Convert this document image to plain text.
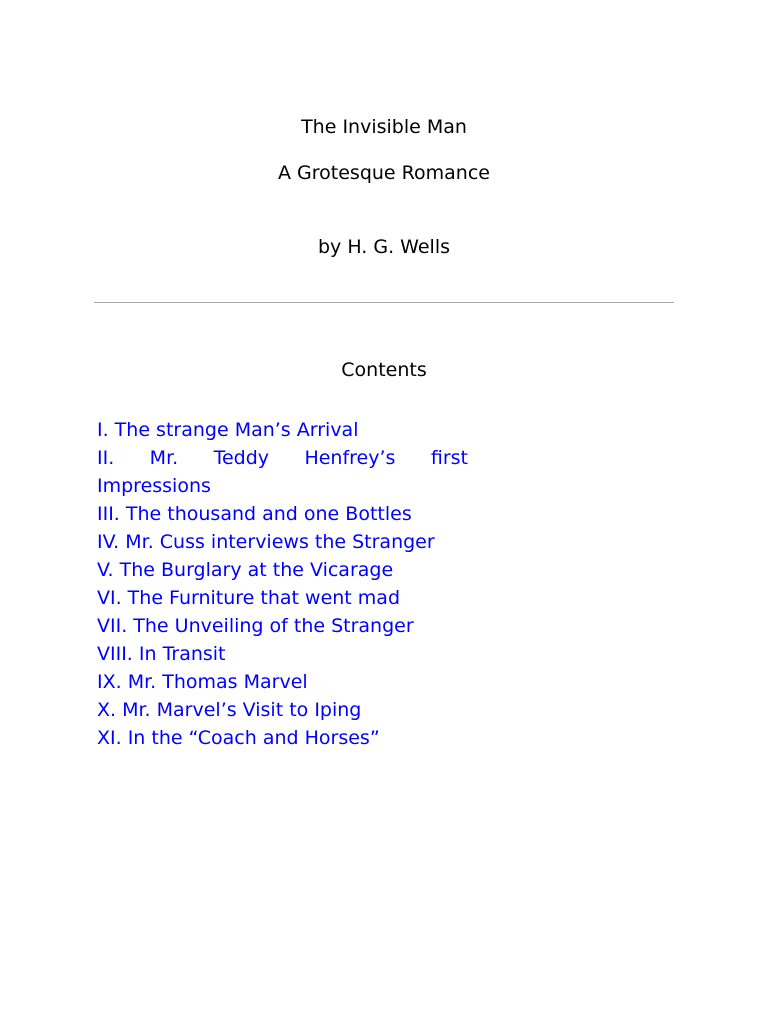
The Invisible Man
A Grotesque Romance
by H. G. Wells
Contents
I. The strange Man’s Arrival
II. Mr. Teddy Henfrey’s first Impressions
III. The thousand and one Bottles
IV. Mr. Cuss interviews the Stranger
V. The Burglary at the Vicarage
VI. The Furniture that went mad
VII. The Unveiling of the Stranger
VIII. In Transit
IX. Mr. Thomas Marvel
X. Mr. Marvel’s Visit to Iping
XI. In the “Coach and Horses”
